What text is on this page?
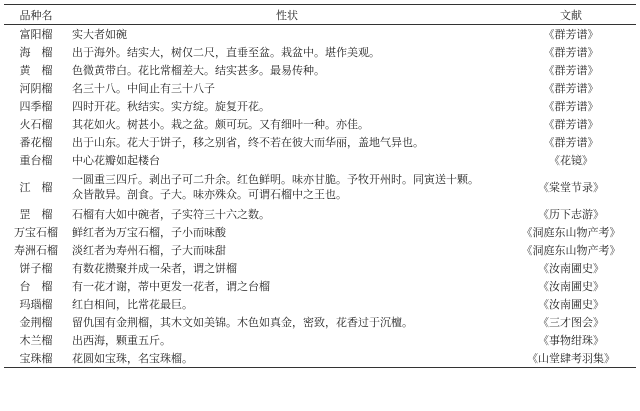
品种名	性状	文献
富阳榴	实大者如碗	《群芳谱》
海　榴	出于海外。结实大，树仅二尺，直垂至盆。栽盆中。堪作美观。	《群芳谱》
黄　榴	色微黄带白。花比常榴差大。结实甚多。最易传种。	《群芳谱》
河阴榴	名三十八。中间止有三十八子	《群芳谱》
四季榴	四时开花。秋结实。实方绽。旋复开花。	《群芳谱》
火石榴	其花如火。树甚小。栽之盆。颇可玩。又有细叶一种。亦佳。	《群芳谱》
番花榴	出于山东。花大于饼子，移之别省，终不若在彼大而华丽，盖地气异也。	《群芳谱》
重台榴	中心花瓣如起楼台	《花镜》
江　榴	一圆重三四斤。剥出子可二升余。红色鲜明。味亦甘脆。予牧开州时。同寅送十颗。
众皆散异。剖食。子大。味亦殊众。可谓石榴中之王也。	《棠堂节录》
罡　榴	石榴有大如中碗者，子实符三十六之数。	《历下志游》
万宝石榴	鲜红者为万宝石榴，子小而味酸	《洞庭东山物产考》
寿洲石榴	淡红者为寿州石榴，子大而味甜	《洞庭东山物产考》
饼子榴	有数花攒聚并成一朵者，谓之饼榴	《汝南圃史》
台　榴	有一花才谢，蒂中更发一花者，谓之台榴	《汝南圃史》
玛瑙榴	红白相间，比常花最巨。	《汝南圃史》
金荆榴	留仇国有金荆榴，其木文如美锦。木色如真金，密致，花香过于沉檀。	《三才图会》
木兰榴	出西海，颗重五斤。	《事物绀珠》
宝珠榴	花圆如宝珠，名宝珠榴。	《山堂肆考羽集》
